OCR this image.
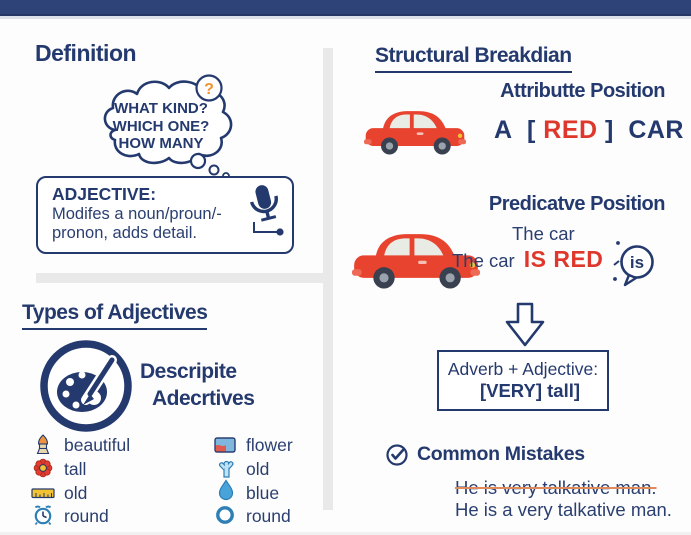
Definition
WHAT KIND?
WHICH ONE?
HOW MANY
?
ADJECTIVE:
Modifes a noun/proun/-
pronon, adds detail.
Types of Adjectives
Descripite
Adecrtives
beautiful
tall
old
round
flower
old
blue
round
Structural Breakdian
Attributte Position
A [ RED ] CAR
Predicatve Position
The car
The car IS RED is
Adverb + Adjective:
[VERY] tall]
Common Mistakes
He is very talkative man.
He is a very talkative man.
